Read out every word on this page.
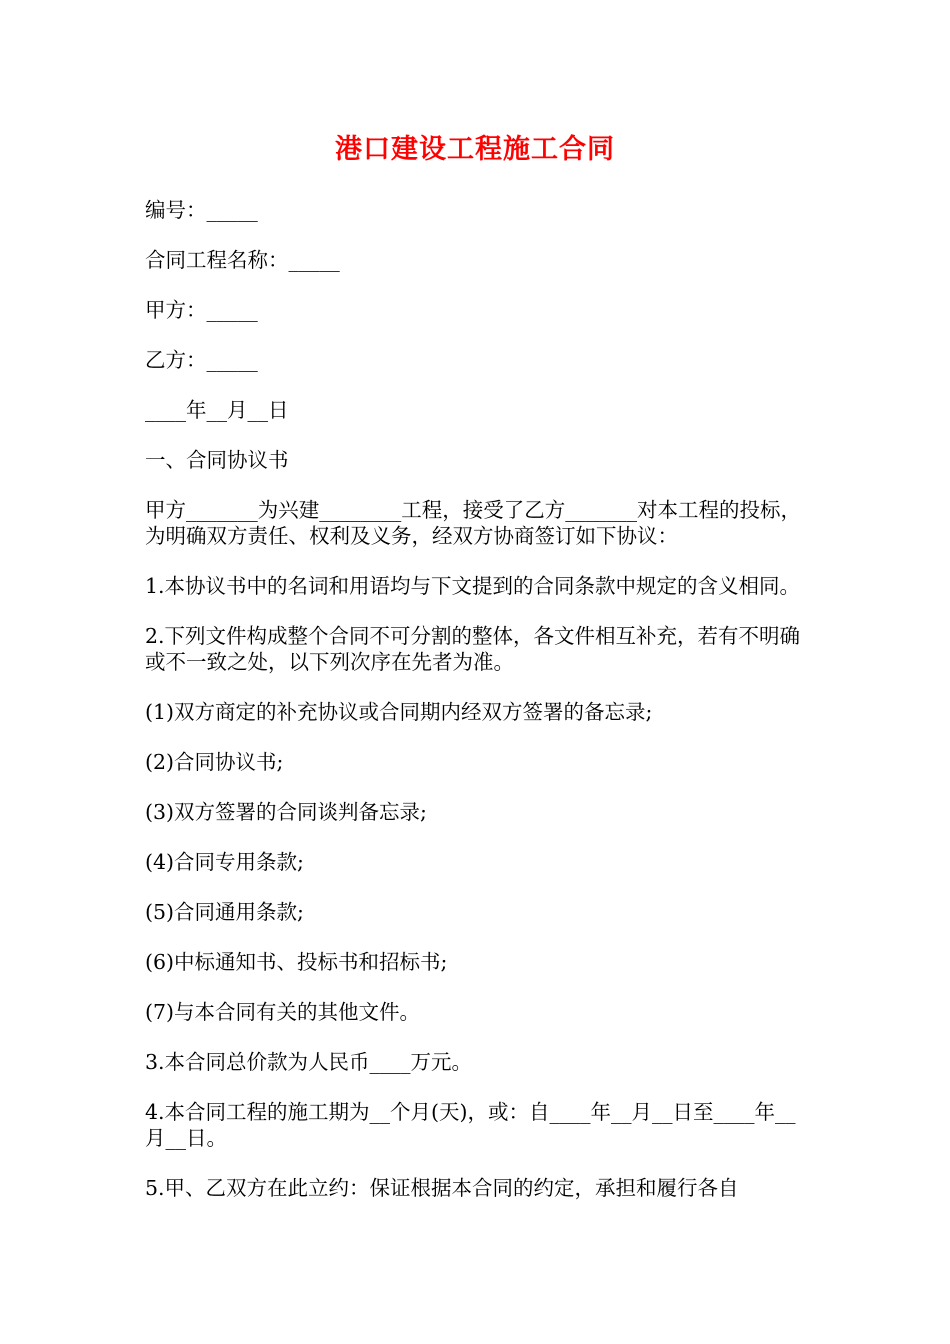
港口建设工程施工合同

编号：_____

合同工程名称：_____

甲方：_____

乙方：_____

____年__月__日

一、合同协议书

甲方_______为兴建________工程，接受了乙方_______对本工程的投标，为明确双方责任、权利及义务，经双方协商签订如下协议：

1.本协议书中的名词和用语均与下文提到的合同条款中规定的含义相同。

2.下列文件构成整个合同不可分割的整体，各文件相互补充，若有不明确或不一致之处，以下列次序在先者为准。

(1)双方商定的补充协议或合同期内经双方签署的备忘录;

(2)合同协议书;

(3)双方签署的合同谈判备忘录;

(4)合同专用条款;

(5)合同通用条款;

(6)中标通知书、投标书和招标书;

(7)与本合同有关的其他文件。

3.本合同总价款为人民币____万元。

4.本合同工程的施工期为__个月(天)，或：自____年__月__日至____年__月__日。

5.甲、乙双方在此立约：保证根据本合同的约定，承担和履行各自
